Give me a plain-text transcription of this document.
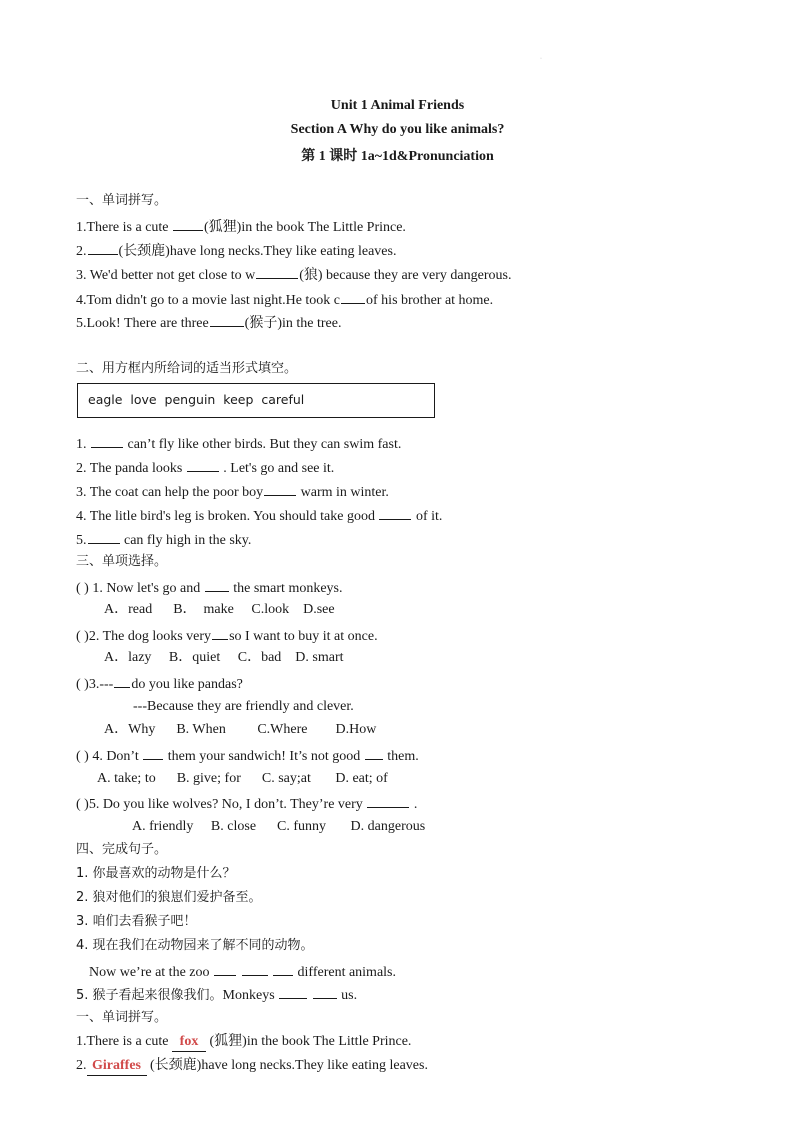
·
Unit 1 Animal Friends
Section A Why do you like animals?
第 1 课时 1a~1d&Pronunciation
一、单词拼写。
1.There is a cute (狐狸)in the book The Little Prince.
2. (长颈鹿)have long necks.They like eating leaves.
3. We'd better not get close to w	(狼) because they are very dangerous.
4.Tom didn't go to a movie last night.He took c of his brother at home.
5.Look! There are three	(猴子)in the tree.
二、用方框内所给词的适当形式填空。
eagle  love  penguin  keep  careful
1.  can’t fly like other birds. But they can swim fast.
2. The panda looks  . Let's go and see it.
3. The coat can help the poor boy warm in winter.
4. The litle bird's leg is broken. You should take good  of it.
5. can fly high in the sky.
三、单项选择。
( ) 1. Now let's go and  the smart monkeys.
A．read      B．  make     C.look    D.see
( )2. The dog looks very so I want to buy it at once.
A．lazy     B．quiet     C．bad    D. smart
( )3.--- do you like pandas?
---Because they are friendly and clever.
A．Why      B. When         C.Where        D.How
( ) 4. Don’t  them your sandwich! It’s not good  them.
A. take; to      B. give; for      C. say;at       D. eat; of
( )5. Do you like wolves? No, I don’t. They’re very	.
A. friendly     B. close      C. funny       D. dangerous
四、完成句子。
1. 你最喜欢的动物是什么？
2. 狼对他们的狼崽们爱护备至。
3. 咱们去看猴子吧！
4. 现在我们在动物园来了解不同的动物。
Now we’re at the zoo	different animals.
5. 猴子看起来很像我们。Monkeys	us.
一、单词拼写。
1.There is a cute fox (狐狸)in the book The Little Prince.
2. Giraffes (长颈鹿)have long necks.They like eating leaves.
